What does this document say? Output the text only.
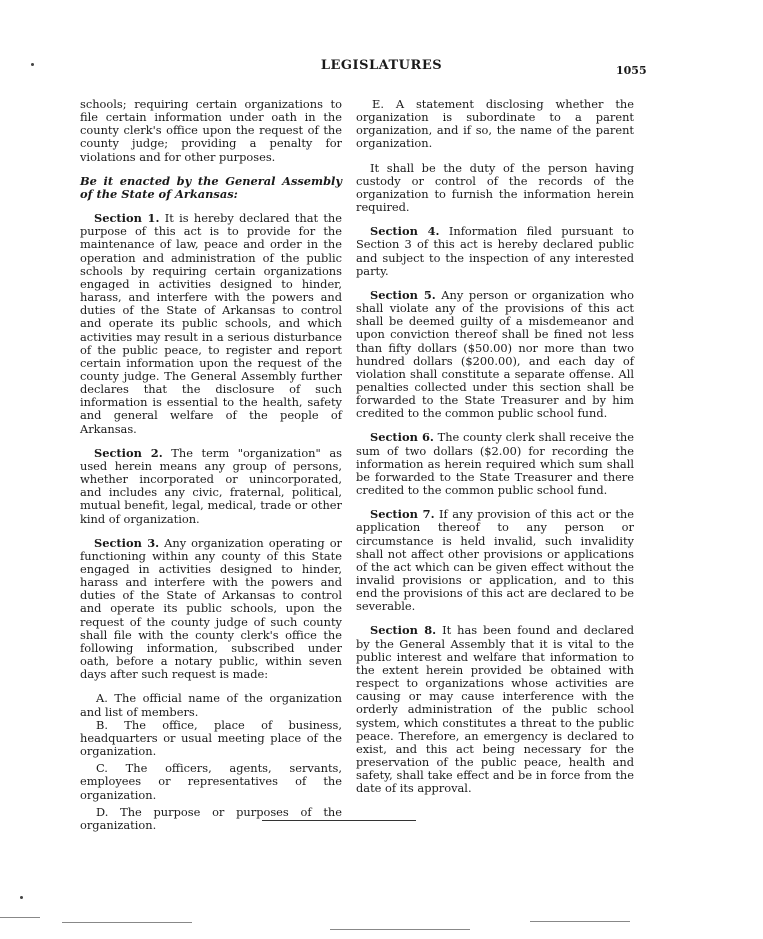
LEGISLATURES	1055

schools; requiring certain organizations to file certain information under oath in the county clerk's office upon the request of the county judge; providing a penalty for violations and for other purposes.

Be it enacted by the General Assembly of the State of Arkansas:

Section 1. It is hereby declared that the purpose of this act is to provide for the maintenance of law, peace and order in the operation and administration of the public schools by requiring certain organizations engaged in activities designed to hinder, harass, and interfere with the powers and duties of the State of Arkansas to control and operate its public schools, and which activities may result in a serious disturbance of the public peace, to register and report certain information upon the request of the county judge. The General Assembly further declares that the disclosure of such information is essential to the health, safety and general welfare of the people of Arkansas.

Section 2. The term "organization" as used herein means any group of persons, whether incorporated or unincorporated, and includes any civic, fraternal, political, mutual benefit, legal, medical, trade or other kind of organization.

Section 3. Any organization operating or functioning within any county of this State engaged in activities designed to hinder, harass and interfere with the powers and duties of the State of Arkansas to control and operate its public schools, upon the request of the county judge of such county shall file with the county clerk's office the following information, subscribed under oath, before a notary public, within seven days after such request is made:

A. The official name of the organization and list of members.

B. The office, place of business, headquarters or usual meeting place of the organization.

C. The officers, agents, servants, employees or representatives of the organization.

D. The purpose or purposes of the organization.

E. A statement disclosing whether the organization is subordinate to a parent organization, and if so, the name of the parent organization.

It shall be the duty of the person having custody or control of the records of the organization to furnish the information herein required.

Section 4. Information filed pursuant to Section 3 of this act is hereby declared public and subject to the inspection of any interested party.

Section 5. Any person or organization who shall violate any of the provisions of this act shall be deemed guilty of a misdemeanor and upon conviction thereof shall be fined not less than fifty dollars ($50.00) nor more than two hundred dollars ($200.00), and each day of violation shall constitute a separate offense. All penalties collected under this section shall be forwarded to the State Treasurer and by him credited to the common public school fund.

Section 6. The county clerk shall receive the sum of two dollars ($2.00) for recording the information as herein required which sum shall be forwarded to the State Treasurer and there credited to the common public school fund.

Section 7. If any provision of this act or the application thereof to any person or circumstance is held invalid, such invalidity shall not affect other provisions or applications of the act which can be given effect without the invalid provisions or application, and to this end the provisions of this act are declared to be severable.

Section 8. It has been found and declared by the General Assembly that it is vital to the public interest and welfare that information to the extent herein provided be obtained with respect to organizations whose activities are causing or may cause interference with the orderly administration of the public school system, which constitutes a threat to the public peace. Therefore, an emergency is declared to exist, and this act being necessary for the preservation of the public peace, health and safety, shall take effect and be in force from the date of its approval.
